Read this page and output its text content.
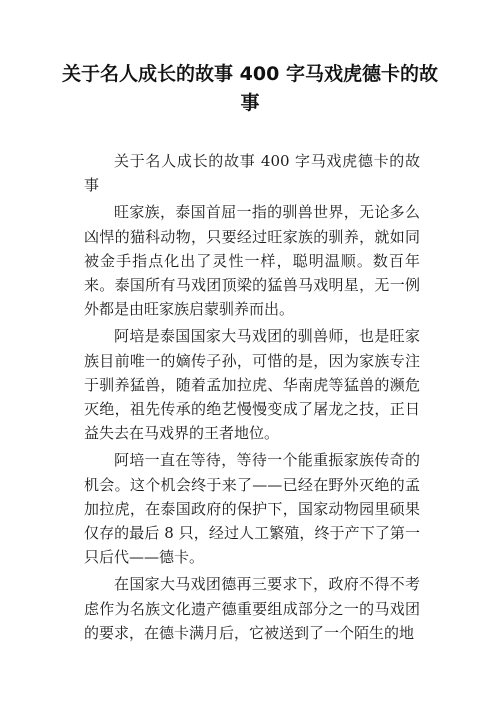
关于名人成长的故事 400 字马戏虎德卡的故事

关于名人成长的故事 400 字马戏虎德卡的故事

旺家族，泰国首屈一指的驯兽世界，无论多么凶悍的猫科动物，只要经过旺家族的驯养，就如同被金手指点化出了灵性一样，聪明温顺。数百年来。泰国所有马戏团顶梁的猛兽马戏明星，无一例外都是由旺家族启蒙驯养而出。

阿培是泰国国家大马戏团的驯兽师，也是旺家族目前唯一的嫡传子孙，可惜的是，因为家族专注于驯养猛兽，随着孟加拉虎、华南虎等猛兽的濒危灭绝，祖先传承的绝艺慢慢变成了屠龙之技，正日益失去在马戏界的王者地位。

阿培一直在等待，等待一个能重振家族传奇的机会。这个机会终于来了——已经在野外灭绝的孟加拉虎，在泰国政府的保护下，国家动物园里硕果仅存的最后 8 只，经过人工繁殖，终于产下了第一只后代——德卡。

在国家大马戏团德再三要求下，政府不得不考虑作为名族文化遗产德重要组成部分之一的马戏团的要求，在德卡满月后，它被送到了一个陌生的地
